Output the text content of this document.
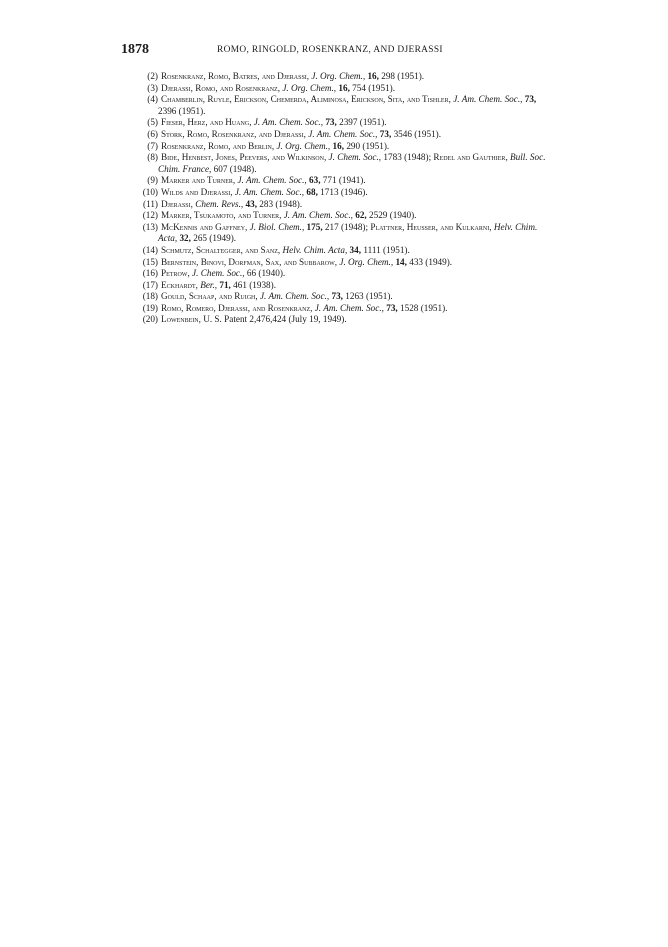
1878	ROMO, RINGOLD, ROSENKRANZ, AND DJERASSI
(2) Rosenkranz, Romo, Batres, and Djerassi, J. Org. Chem., 16, 298 (1951).
(3) Djerassi, Romo, and Rosenkranz, J. Org. Chem., 16, 754 (1951).
(4) Chamberlin, Ruyle, Erickson, Chemerda, Aliminosa, Erickson, Sita, and Tishler, J. Am. Chem. Soc., 73, 2396 (1951).
(5) Fieser, Herz, and Huang, J. Am. Chem. Soc., 73, 2397 (1951).
(6) Stork, Romo, Rosenkranz, and Djerassi, J. Am. Chem. Soc., 73, 3546 (1951).
(7) Rosenkranz, Romo, and Berlin, J. Org. Chem., 16, 290 (1951).
(8) Bide, Henbest, Jones, Peevers, and Wilkinson, J. Chem. Soc., 1783 (1948); Redel and Gauthier, Bull. Soc. Chim. France, 607 (1948).
(9) Marker and Turner, J. Am. Chem. Soc., 63, 771 (1941).
(10) Wilds and Djerassi, J. Am. Chem. Soc., 68, 1713 (1946).
(11) Djerassi, Chem. Revs., 43, 283 (1948).
(12) Marker, Tsukamoto, and Turner, J. Am. Chem. Soc., 62, 2529 (1940).
(13) McKennis and Gaffney, J. Biol. Chem., 175, 217 (1948); Plattner, Heusser, and Kulkarni, Helv. Chim. Acta, 32, 265 (1949).
(14) Schmutz, Schaltegger, and Sanz, Helv. Chim. Acta, 34, 1111 (1951).
(15) Bernstein, Binovi, Dorfman, Sax, and Subbarow, J. Org. Chem., 14, 433 (1949).
(16) Petrow, J. Chem. Soc., 66 (1940).
(17) Eckhardt, Ber., 71, 461 (1938).
(18) Gould, Schaap, and Ruigh, J. Am. Chem. Soc., 73, 1263 (1951).
(19) Romo, Romero, Djerassi, and Rosenkranz, J. Am. Chem. Soc., 73, 1528 (1951).
(20) Lowenbein, U. S. Patent 2,476,424 (July 19, 1949).
